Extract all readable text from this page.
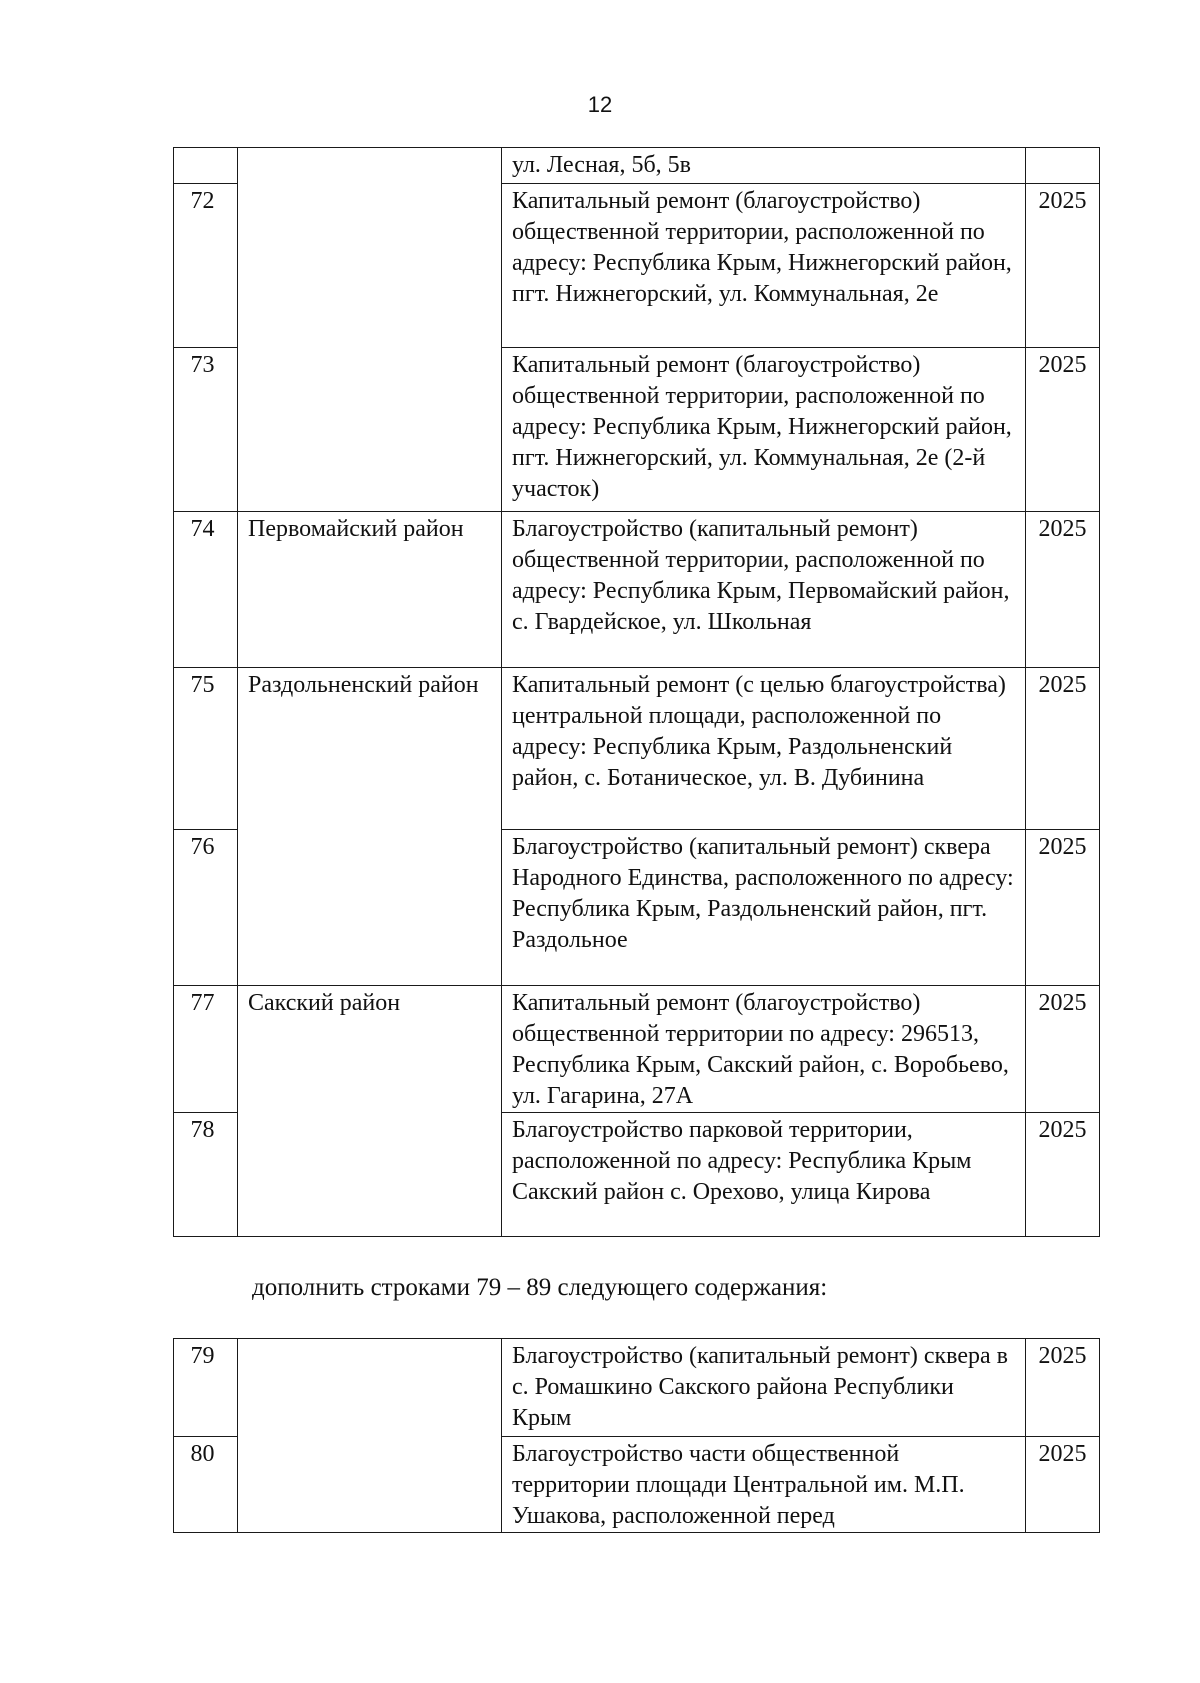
12
		ул. Лесная, 5б, 5в	
72		Капитальный ремонт (благоустройство) общественной территории, расположенной по адресу: Республика Крым, Нижнегорский район, пгт. Нижнегорский, ул. Коммунальная, 2е	2025
73		Капитальный ремонт (благоустройство) общественной территории, расположенной по адресу: Республика Крым, Нижнегорский район, пгт. Нижнегорский, ул. Коммунальная, 2е (2-й участок)	2025
74	Первомайский район	Благоустройство (капитальный ремонт) общественной территории, расположенной по адресу: Республика Крым, Первомайский район, с. Гвардейское, ул. Школьная	2025
75	Раздольненский район	Капитальный ремонт (с целью благоустройства) центральной площади, расположенной по адресу: Республика Крым, Раздольненский район, с. Ботаническое, ул. В. Дубинина	2025
76		Благоустройство (капитальный ремонт) сквера Народного Единства, расположенного по адресу: Республика Крым, Раздольненский район, пгт. Раздольное	2025
77	Сакский район	Капитальный ремонт (благоустройство) общественной территории по адресу: 296513, Республика Крым, Сакский район, с. Воробьево, ул. Гагарина, 27А	2025
78		Благоустройство парковой территории, расположенной по адресу: Республика Крым Сакский район с. Орехово, улица Кирова	2025
дополнить строками 79 – 89 следующего содержания:
79		Благоустройство (капитальный ремонт) сквера в с. Ромашкино Сакского района Республики Крым	2025
80		Благоустройство части общественной территории площади Центральной им. М.П. Ушакова, расположенной перед	2025
